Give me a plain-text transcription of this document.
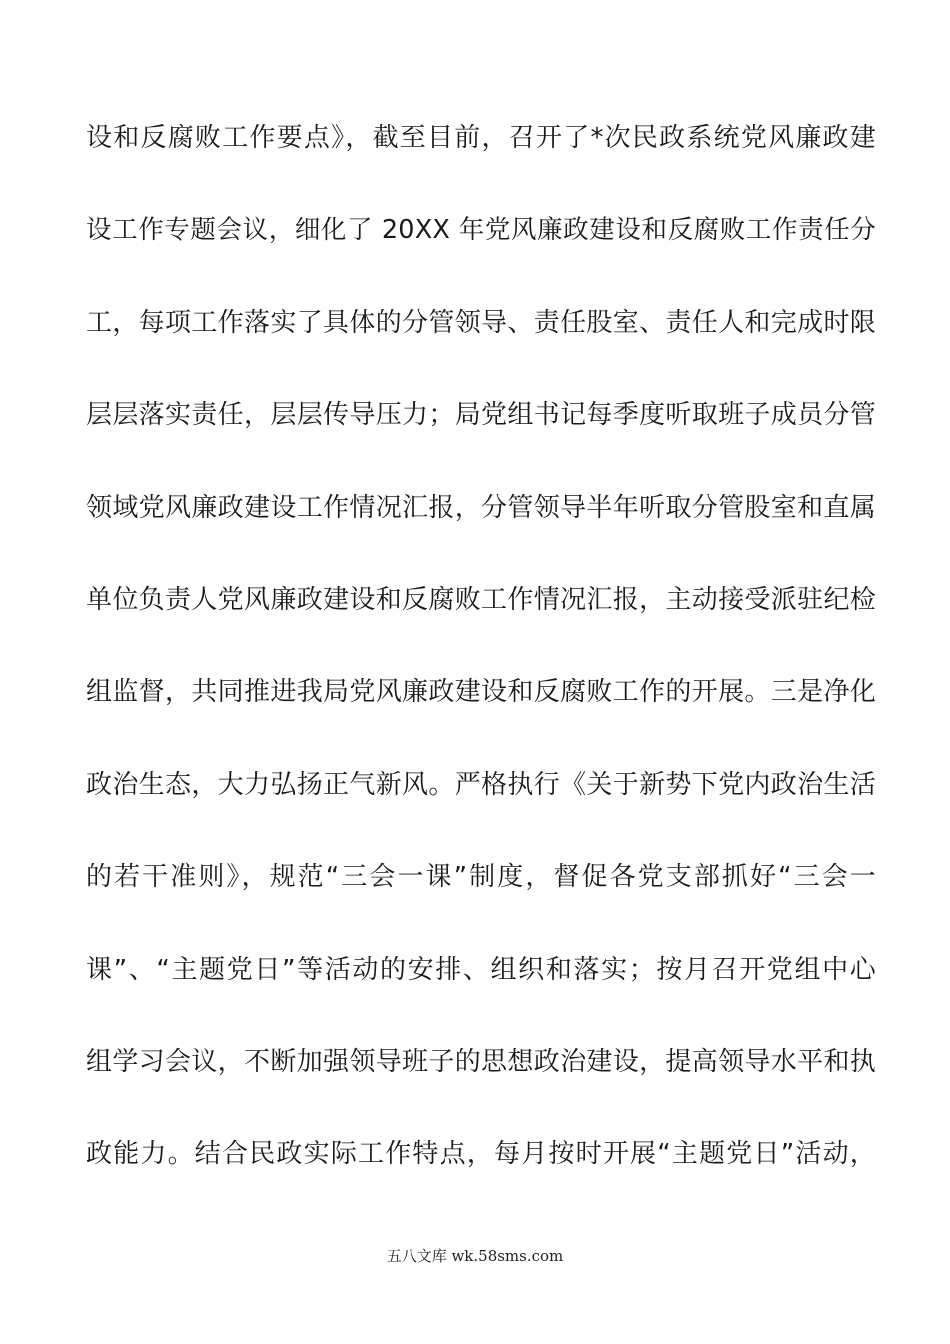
设和反腐败工作要点》，截至目前，召开了*次民政系统党风廉政建
设工作专题会议，细化了 20XX 年党风廉政建设和反腐败工作责任分
工，每项工作落实了具体的分管领导、责任股室、责任人和完成时限
层层落实责任，层层传导压力；局党组书记每季度听取班子成员分管
领域党风廉政建设工作情况汇报，分管领导半年听取分管股室和直属
单位负责人党风廉政建设和反腐败工作情况汇报，主动接受派驻纪检
组监督，共同推进我局党风廉政建设和反腐败工作的开展。三是净化
政治生态，大力弘扬正气新风。严格执行《关于新势下党内政治生活
的若干准则》，规范“三会一课”制度，督促各党支部抓好“三会一
课”、“主题党日”等活动的安排、组织和落实；按月召开党组中心
组学习会议，不断加强领导班子的思想政治建设，提高领导水平和执
政能力。结合民政实际工作特点，每月按时开展“主题党日”活动，
五八文库 wk.58sms.com
